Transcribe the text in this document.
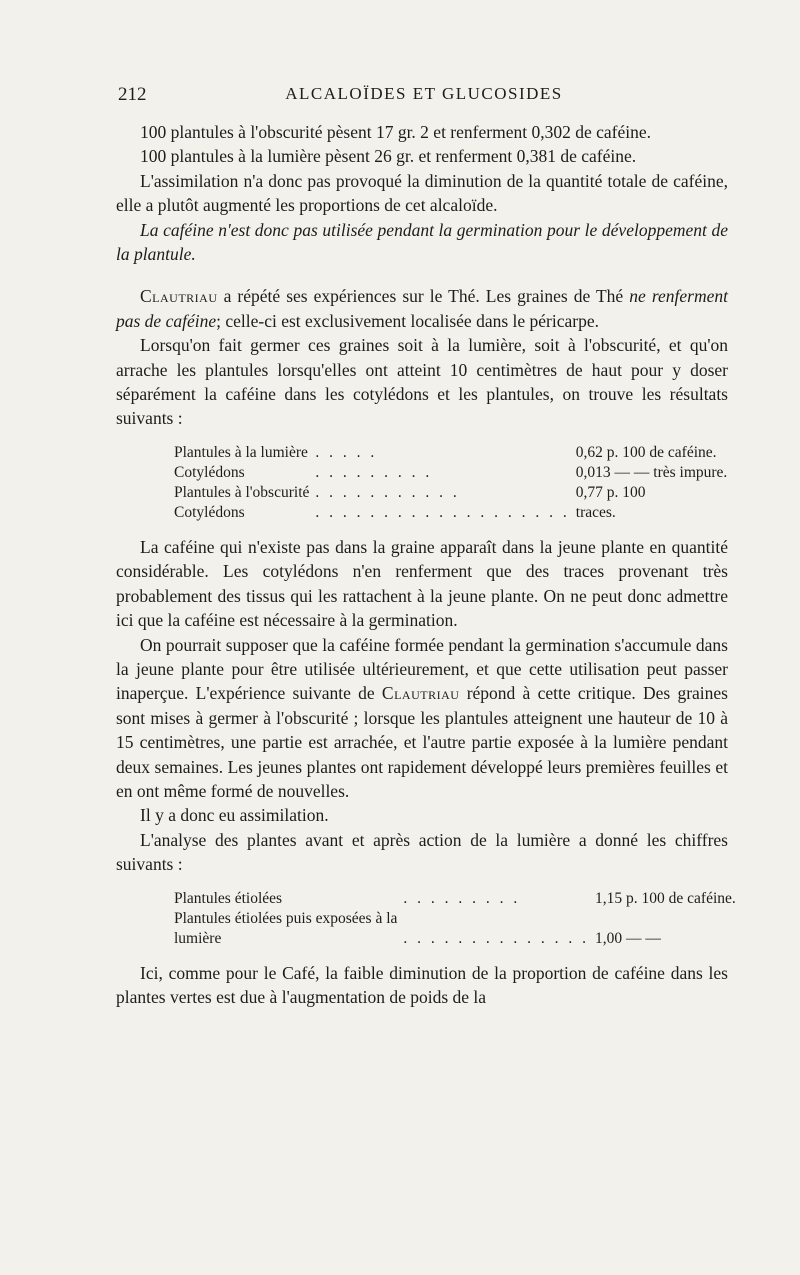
212	ALCALOÏDES ET GLUCOSIDES

100 plantules à l'obscurité pèsent 17 gr. 2 et renferment 0,302 de caféine.

100 plantules à la lumière pèsent 26 gr. et renferment 0,381 de caféine.

L'assimilation n'a donc pas provoqué la diminution de la quantité totale de caféine, elle a plutôt augmenté les proportions de cet alcaloïde.

La caféine n'est donc pas utilisée pendant la germination pour le développement de la plantule.

Clautriau a répété ses expériences sur le Thé. Les graines de Thé ne renferment pas de caféine; celle-ci est exclusivement localisée dans le péricarpe.

Lorsqu'on fait germer ces graines soit à la lumière, soit à l'obscurité, et qu'on arrache les plantules lorsqu'elles ont atteint 10 centimètres de haut pour y doser séparément la caféine dans les cotylédons et les plantules, on trouve les résultats suivants :

Plantules à la lumière	. . . . .	0,62 p. 100 de caféine.
Cotylédons	. . . . . . . . .	0,013 — — très impure.
Plantules à l'obscurité	. . . . . . . . . . .	0,77 p. 100
Cotylédons	. . . . . . . . . . . . . . . . . . .	traces.

La caféine qui n'existe pas dans la graine apparaît dans la jeune plante en quantité considérable. Les cotylédons n'en renferment que des traces provenant très probablement des tissus qui les rattachent à la jeune plante. On ne peut donc admettre ici que la caféine est nécessaire à la germination.

On pourrait supposer que la caféine formée pendant la germination s'accumule dans la jeune plante pour être utilisée ultérieurement, et que cette utilisation peut passer inaperçue. L'expérience suivante de Clautriau répond à cette critique. Des graines sont mises à germer à l'obscurité ; lorsque les plantules atteignent une hauteur de 10 à 15 centimètres, une partie est arrachée, et l'autre partie exposée à la lumière pendant deux semaines. Les jeunes plantes ont rapidement développé leurs premières feuilles et en ont même formé de nouvelles.

Il y a donc eu assimilation.

L'analyse des plantes avant et après action de la lumière a donné les chiffres suivants :

Plantules étiolées	. . . . . . . . .	1,15 p. 100 de caféine.
Plantules étiolées puis exposées à la		
lumière	. . . . . . . . . . . . . .	1,00 — —

Ici, comme pour le Café, la faible diminution de la proportion de caféine dans les plantes vertes est due à l'augmentation de poids de la
